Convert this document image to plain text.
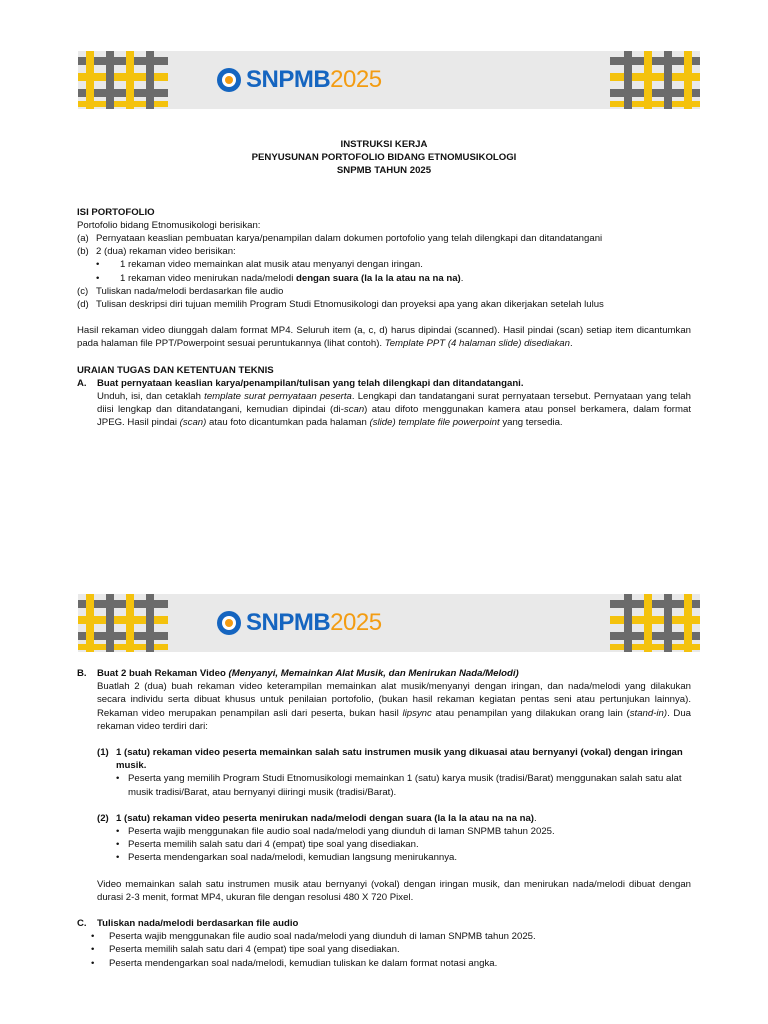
SNPMB2025
INSTRUKSI KERJA
PENYUSUNAN PORTOFOLIO BIDANG ETNOMUSIKOLOGI
SNPMB TAHUN 2025

ISI PORTOFOLIO

Portofolio bidang Etnomusikologi berisikan:

(a) Pernyataan keaslian pembuatan karya/penampilan dalam dokumen portofolio yang telah dilengkapi dan ditandatangani
(b) 2 (dua) rekaman video berisikan:
•	1 rekaman video memainkan alat musik atau menyanyi dengan iringan.
•	1 rekaman video menirukan nada/melodi dengan suara (la la la atau na na na).
(c) Tuliskan nada/melodi berdasarkan file audio
(d) Tulisan deskripsi diri tujuan memilih Program Studi Etnomusikologi dan proyeksi apa yang akan dikerjakan setelah lulus

Hasil rekaman video diunggah dalam format MP4. Seluruh item (a, c, d) harus dipindai (scanned). Hasil pindai (scan) setiap item dicantumkan pada halaman file PPT/Powerpoint sesuai peruntukannya (lihat contoh). Template PPT (4 halaman slide) disediakan.

URAIAN TUGAS DAN KETENTUAN TEKNIS

A.	Buat pernyataan keaslian karya/penampilan/tulisan yang telah dilengkapi dan ditandatangani.

Unduh, isi, dan cetaklah template surat pernyataan peserta. Lengkapi dan tandatangani surat pernyataan tersebut. Pernyataan yang telah diisi lengkap dan ditandatangani, kemudian dipindai (di-scan) atau difoto menggunakan kamera atau ponsel berkamera, dalam format JPEG. Hasil pindai (scan) atau foto dicantumkan pada halaman (slide) template file powerpoint yang tersedia.

SNPMB2025
B.	Buat 2 buah Rekaman Video (Menyanyi, Memainkan Alat Musik, dan Menirukan Nada/Melodi)

Buatlah 2 (dua) buah rekaman video keterampilan memainkan alat musik/menyanyi dengan iringan, dan nada/melodi yang dilakukan secara individu serta dibuat khusus untuk penilaian portofolio, (bukan hasil rekaman kegiatan pentas seni atau pertunjukan lainnya). Rekaman video merupakan penampilan asli dari peserta, bukan hasil lipsync atau penampilan yang dilakukan orang lain (stand-in). Dua rekaman video terdiri dari:

(1) 1 (satu) rekaman video peserta memainkan salah satu instrumen musik yang dikuasai atau bernyanyi (vokal) dengan iringan musik.
• Peserta yang memilih Program Studi Etnomusikologi memainkan 1 (satu) karya musik (tradisi/Barat) menggunakan salah satu alat musik tradisi/Barat, atau bernyanyi diiringi musik (tradisi/Barat).
(2) 1 (satu) rekaman video peserta menirukan nada/melodi dengan suara (la la la atau na na na).
• Peserta wajib menggunakan file audio soal nada/melodi yang diunduh di laman SNPMB tahun 2025.
• Peserta memilih salah satu dari 4 (empat) tipe soal yang disediakan.
• Peserta mendengarkan soal nada/melodi, kemudian langsung menirukannya.

Video memainkan salah satu instrumen musik atau bernyanyi (vokal) dengan iringan musik, dan menirukan nada/melodi dibuat dengan durasi 2-3 menit, format MP4, ukuran file dengan resolusi 480 X 720 Pixel.

C.	Tuliskan nada/melodi berdasarkan file audio
•	Peserta wajib menggunakan file audio soal nada/melodi yang diunduh di laman SNPMB tahun 2025.
•	Peserta memilih salah satu dari 4 (empat) tipe soal yang disediakan.
•	Peserta mendengarkan soal nada/melodi, kemudian tuliskan ke dalam format notasi angka.
